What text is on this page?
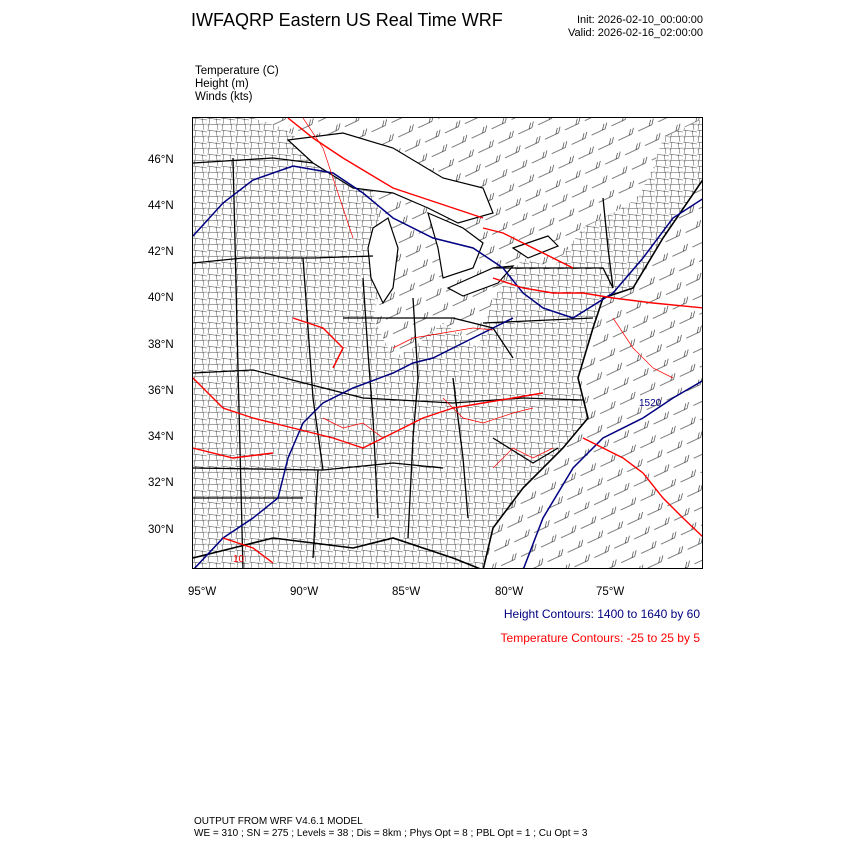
IWFAQRP Eastern US Real Time WRF	Init: 2026-02-10_00:00:00
Valid: 2026-02-16_02:00:00
Temperature (C)
Height (m)
Winds (kts)
1520
10
46°N
44°N
42°N
40°N
38°N
36°N
34°N
32°N
30°N
95°W	90°W	85°W	80°W	75°W
Height Contours: 1400 to 1640 by 60
Temperature Contours: -25 to 25 by 5
OUTPUT FROM WRF V4.6.1 MODEL
WE = 310 ; SN = 275 ; Levels = 38 ; Dis = 8km ; Phys Opt = 8 ; PBL Opt = 1 ; Cu Opt = 3
